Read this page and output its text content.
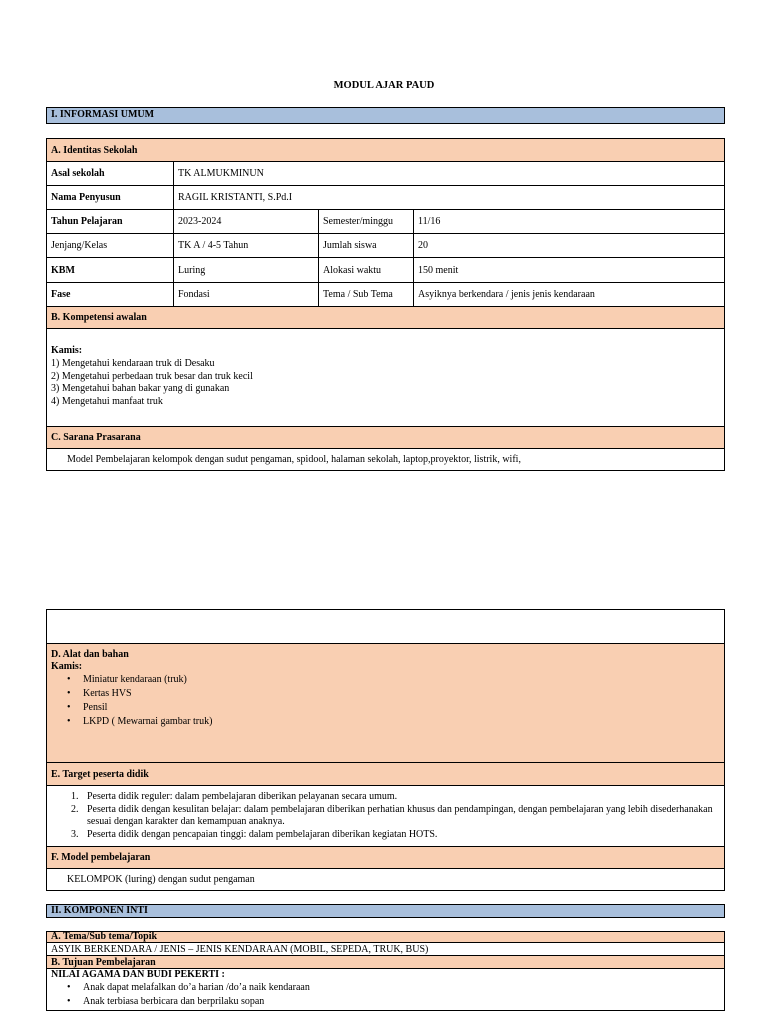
MODUL AJAR PAUD
I. INFORMASI UMUM
A. Identitas Sekolah			
Asal sekolah	TK ALMUKMINUN		
Nama Penyusun	RAGIL KRISTANTI, S.Pd.I		
Tahun Pelajaran	2023-2024	Semester/minggu	11/16
Jenjang/Kelas	TK A / 4-5 Tahun	Jumlah siswa	20
KBM	Luring	Alokasi waktu	150 menit
Fase	Fondasi	Tema / Sub Tema	Asyiknya berkendara / jenis jenis kendaraan
B. Kompetensi awalan			

Kamis:
1) Mengetahui kendaraan truk di Desaku
2) Mengetahui perbedaan truk besar dan truk kecil
3) Mengetahui bahan bakar yang di gunakan
4) Mengetahui manfaat truk			

C. Sarana Prasarana			
Model Pembelajaran kelompok dengan sudut pengaman, spidool, halaman sekolah, laptop,proyektor, listrik, wifi,			

D. Alat dan bahan
Kamis:
• Miniatur kendaraan (truk)
• Kertas HVS
• Pensil
• LKPD ( Mewarnai gambar truk)

E. Target peserta didik

1. Peserta didik reguler: dalam pembelajaran diberikan pelayanan secara umum.
2. Peserta didik dengan kesulitan belajar: dalam pembelajaran diberikan perhatian khusus dan pendampingan, dengan pembelajaran yang lebih disederhanakan sesuai dengan karakter dan kemampuan anaknya.
3. Peserta didik dengan pencapaian tinggi: dalam pembelajaran diberikan kegiatan HOTS.

F. Model pembelajaran
KELOMPOK (luring) dengan sudut pengaman
II. KOMPONEN INTI
A. Tema/Sub tema/Topik
ASYIK BERKENDARA / JENIS – JENIS KENDARAAN (MOBIL, SEPEDA, TRUK, BUS)
B. Tujuan Pembelajaran

NILAI AGAMA DAN BUDI PEKERTI :
• Anak dapat melafalkan do’a harian /do’a naik kendaraan
• Anak terbiasa berbicara dan berprilaku sopan
